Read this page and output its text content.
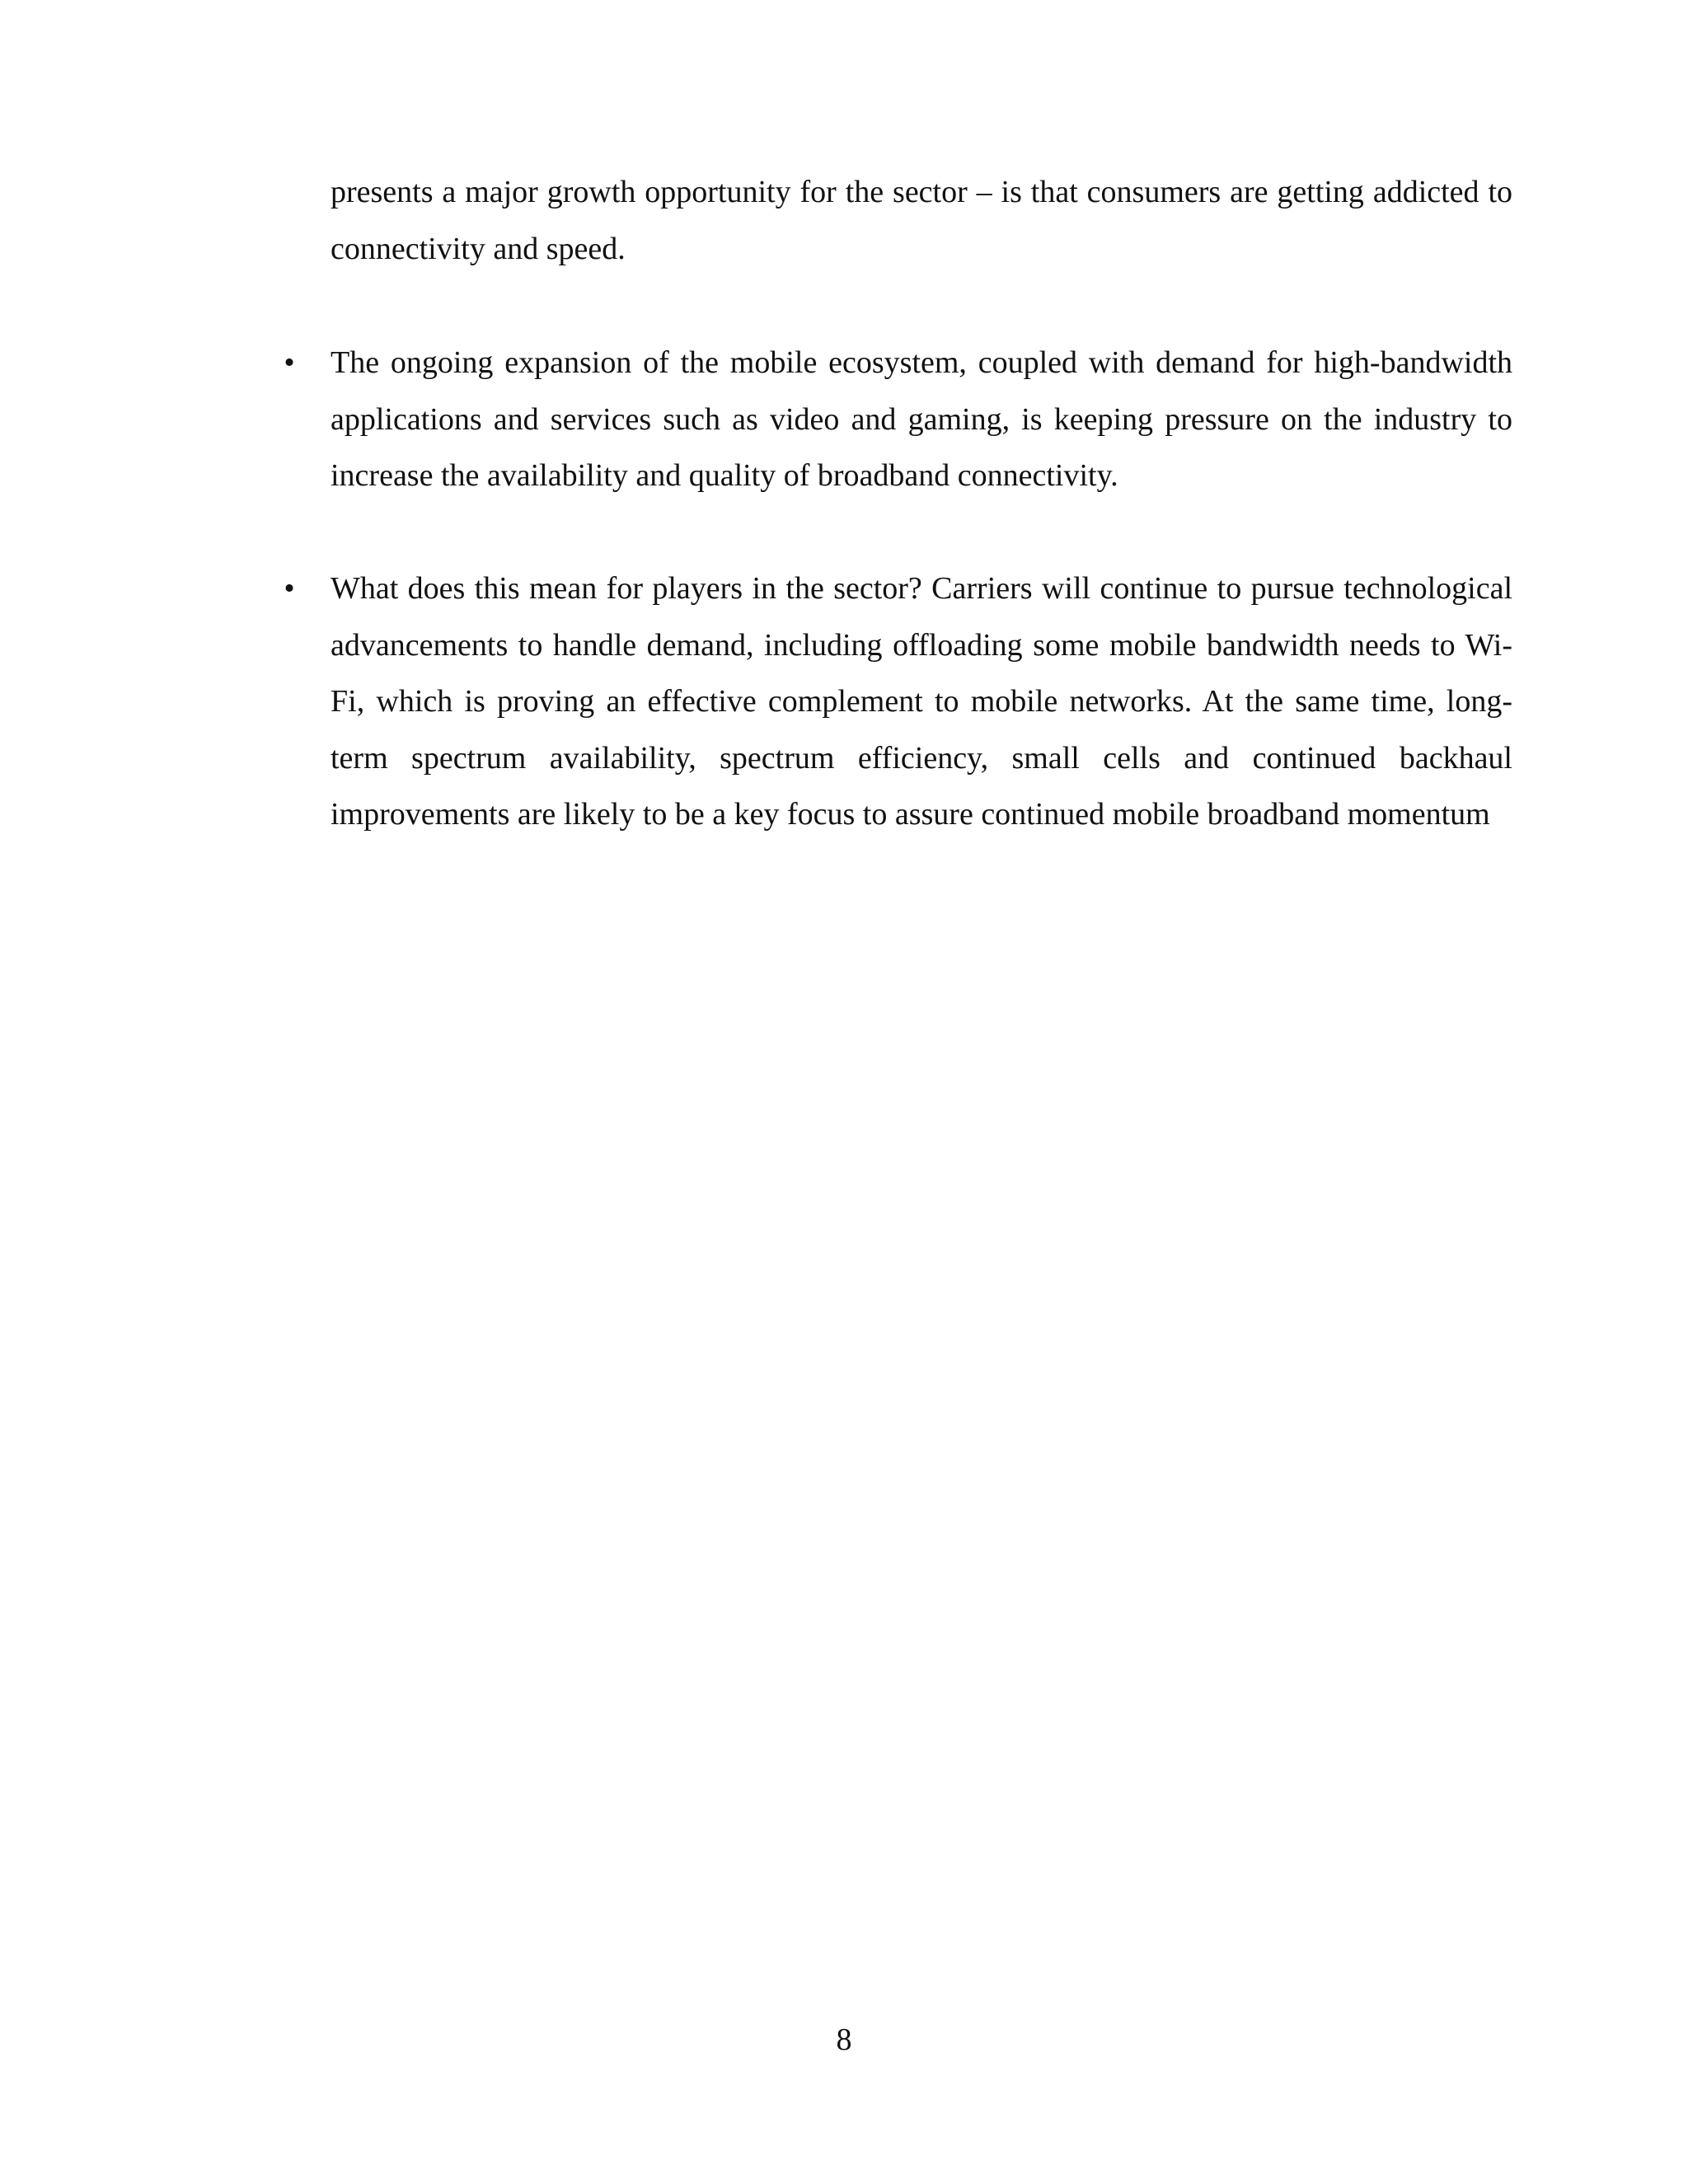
presents a major growth opportunity for the sector – is that consumers are getting addicted to connectivity and speed.

• The ongoing expansion of the mobile ecosystem, coupled with demand for high-bandwidth applications and services such as video and gaming, is keeping pressure on the industry to increase the availability and quality of broadband connectivity.

• What does this mean for players in the sector? Carriers will continue to pursue technological advancements to handle demand, including offloading some mobile bandwidth needs to Wi-Fi, which is proving an effective complement to mobile networks. At the same time, long-term spectrum availability, spectrum efficiency, small cells and continued backhaul improvements are likely to be a key focus to assure continued mobile broadband momentum

8
